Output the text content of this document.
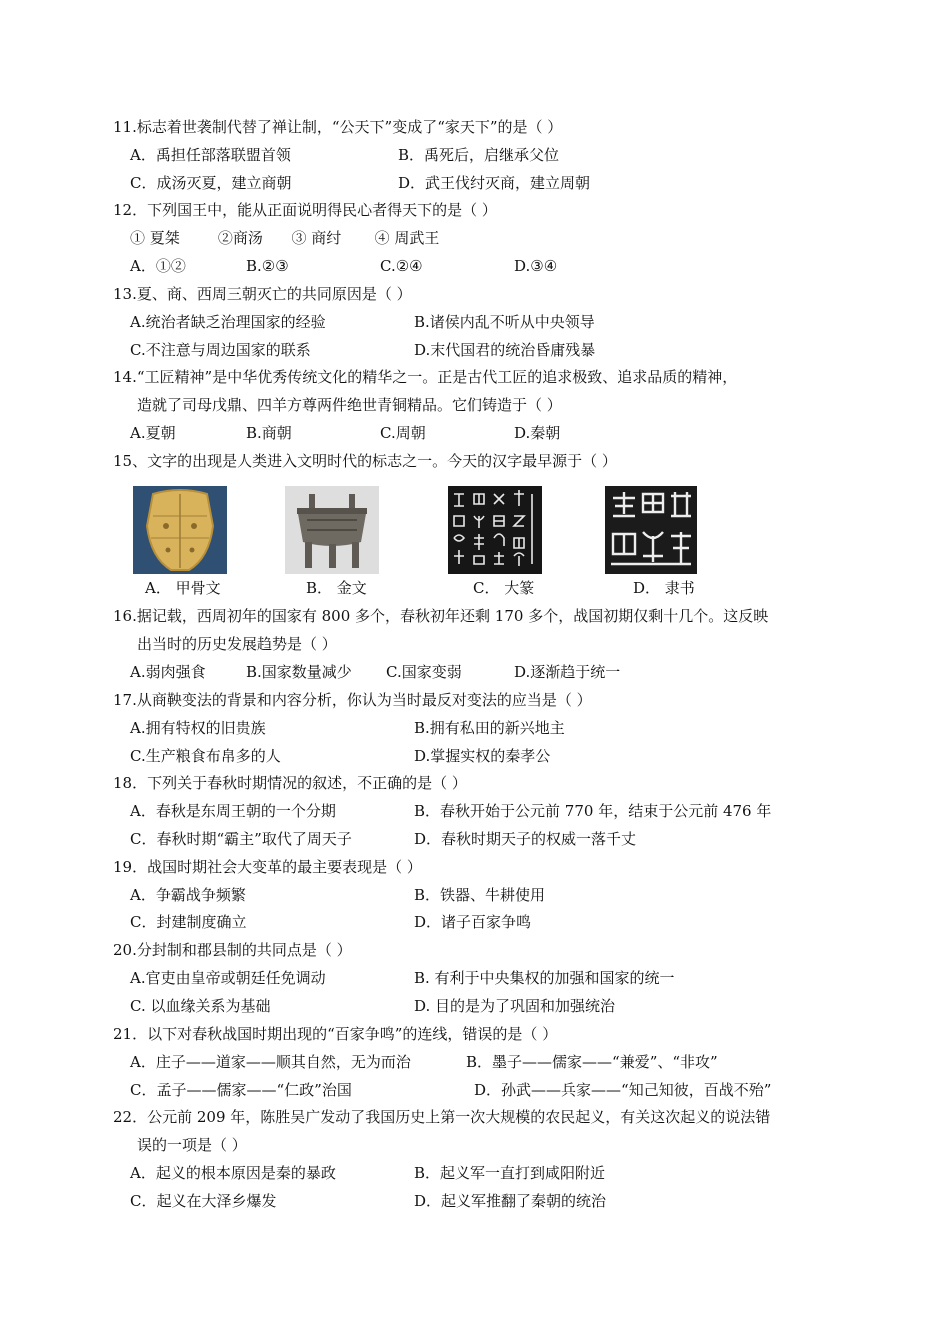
11.标志着世袭制代替了禅让制，“公天下”变成了“家天下”的是（ ）
A．禹担任部落联盟首领	B．禹死后，启继承父位
C．成汤灭夏，建立商朝	D．武王伐纣灭商，建立周朝
12．下列国王中，能从正面说明得民心者得天下的是（ ）
① 夏桀        ②商汤      ③ 商纣       ④ 周武王
A．①②	B.②③	C.②④	D.③④
13.夏、商、西周三朝灭亡的共同原因是（ ）
A.统治者缺乏治理国家的经验	B.诸侯内乱不听从中央领导
C.不注意与周边国家的联系	D.末代国君的统治昏庸残暴
14.“工匠精神”是中华优秀传统文化的精华之一。正是古代工匠的追求极致、追求品质的精神，
造就了司母戊鼎、四羊方尊两件绝世青铜精品。它们铸造于（ ）
A.夏朝	B.商朝	C.周朝	D.秦朝
15、文字的出现是人类进入文明时代的标志之一。今天的汉字最早源于（ ）
A． 甲骨文	B． 金文	C． 大篆	D． 隶书
16.据记载，西周初年的国家有 800 多个，春秋初年还剩 170 多个，战国初期仅剩十几个。这反映
出当时的历史发展趋势是（ ）
A.弱肉强食	B.国家数量减少 C.国家变弱	D.逐渐趋于统一
17.从商鞅变法的背景和内容分析，你认为当时最反对变法的应当是（ ）
A.拥有特权的旧贵族	B.拥有私田的新兴地主
C.生产粮食布帛多的人	D.掌握实权的秦孝公
18．下列关于春秋时期情况的叙述，不正确的是（ ）
A．春秋是东周王朝的一个分期	B．春秋开始于公元前 770 年，结束于公元前 476 年
C．春秋时期“霸主”取代了周天子	D．春秋时期天子的权威一落千丈
19．战国时期社会大变革的最主要表现是（ ）
A．争霸战争频繁	B．铁器、牛耕使用
C．封建制度确立	D．诸子百家争鸣
20.分封制和郡县制的共同点是（ ）
A.官吏由皇帝或朝廷任免调动	B. 有利于中央集权的加强和国家的统一
C. 以血缘关系为基础	D. 目的是为了巩固和加强统治
21．以下对春秋战国时期出现的“百家争鸣”的连线，错误的是（ ）
A．庄子——道家——顺其自然，无为而治	B．墨子——儒家——“兼爱”、“非攻”
C．孟子——儒家——“仁政”治国	D．孙武——兵家——“知己知彼，百战不殆”
22．公元前 209 年，陈胜吴广发动了我国历史上第一次大规模的农民起义，有关这次起义的说法错
误的一项是（ ）
A．起义的根本原因是秦的暴政	B．起义军一直打到咸阳附近
C．起义在大泽乡爆发	D．起义军推翻了秦朝的统治
